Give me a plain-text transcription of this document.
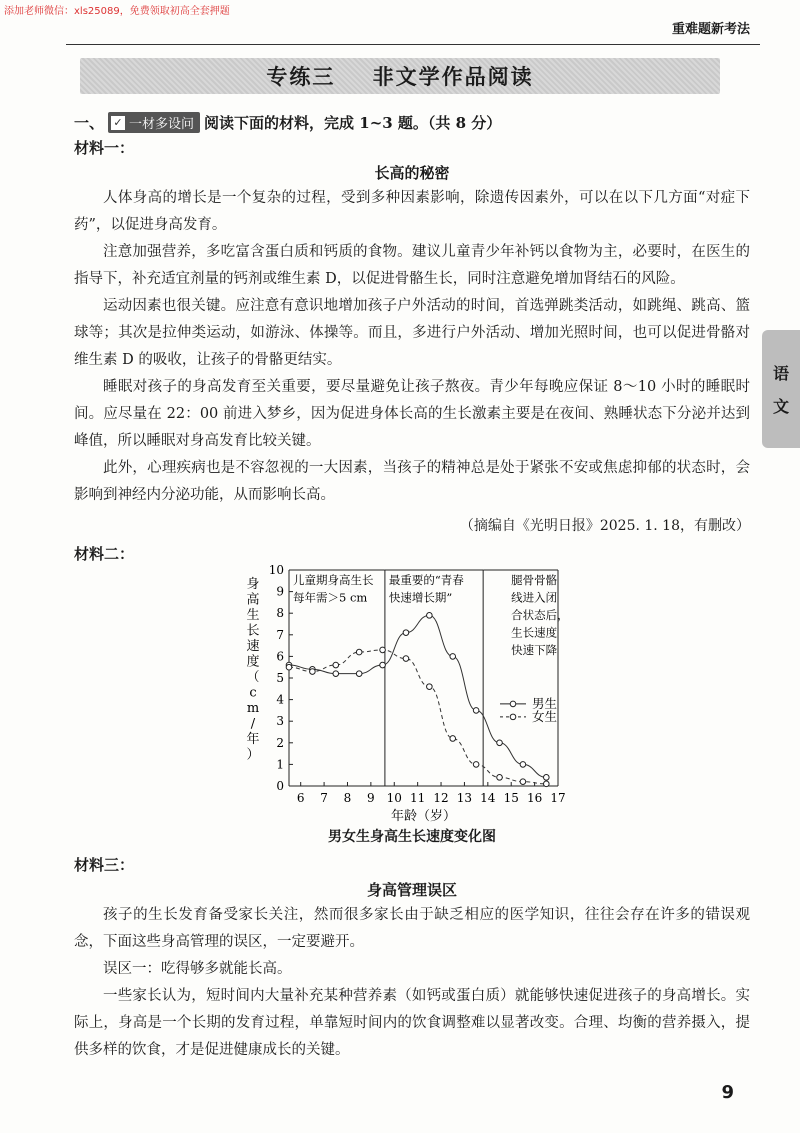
添加老师微信：xls25089，免费领取初高全套押题
重难题新考法
专练三    非文学作品阅读
语
文
一、 ✓ 一材多设问 阅读下面的材料，完成 1~3 题。（共 8 分）
材料一：
长高的秘密

人体身高的增长是一个复杂的过程，受到多种因素影响，除遗传因素外，可以在以下几方面“对症下药”，以促进身高发育。

注意加强营养，多吃富含蛋白质和钙质的食物。建议儿童青少年补钙以食物为主，必要时，在医生的指导下，补充适宜剂量的钙剂或维生素 D，以促进骨骼生长，同时注意避免增加肾结石的风险。

运动因素也很关键。应注意有意识地增加孩子户外活动的时间，首选弹跳类活动，如跳绳、跳高、篮球等；其次是拉伸类运动，如游泳、体操等。而且，多进行户外活动、增加光照时间，也可以促进骨骼对维生素 D 的吸收，让孩子的骨骼更结实。

睡眠对孩子的身高发育至关重要，要尽量避免让孩子熬夜。青少年每晚应保证 8～10 小时的睡眠时间。应尽量在 22：00 前进入梦乡，因为促进身体长高的生长激素主要是在夜间、熟睡状态下分泌并达到峰值，所以睡眠对身高发育比较关键。

此外，心理疾病也是不容忽视的一大因素，当孩子的精神总是处于紧张不安或焦虑抑郁的状态时，会影响到神经内分泌功能，从而影响长高。

（摘编自《光明日报》2025. 1. 18，有删改）
材料二：
0
1
2
3
4
5
6
7
8
9
10
6 7 8 9 10 11 12 13 14 15 16 17
年龄（岁）
身高生长速度（ c m /年）
儿童期身高生长
每年需＞5 cm
最重要的“青春
快速增长期”
腿骨骨骼
线进入闭
合状态后，
生长速度
快速下降
男生
女生
男女生身高生长速度变化图
材料三：
身高管理误区

孩子的生长发育备受家长关注，然而很多家长由于缺乏相应的医学知识，往往会存在许多的错误观念，下面这些身高管理的误区，一定要避开。

误区一：吃得够多就能长高。

一些家长认为，短时间内大量补充某种营养素（如钙或蛋白质）就能够快速促进孩子的身高增长。实际上，身高是一个长期的发育过程，单靠短时间内的饮食调整难以显著改变。合理、均衡的营养摄入，提供多样的饮食，才是促进健康成长的关键。

9
